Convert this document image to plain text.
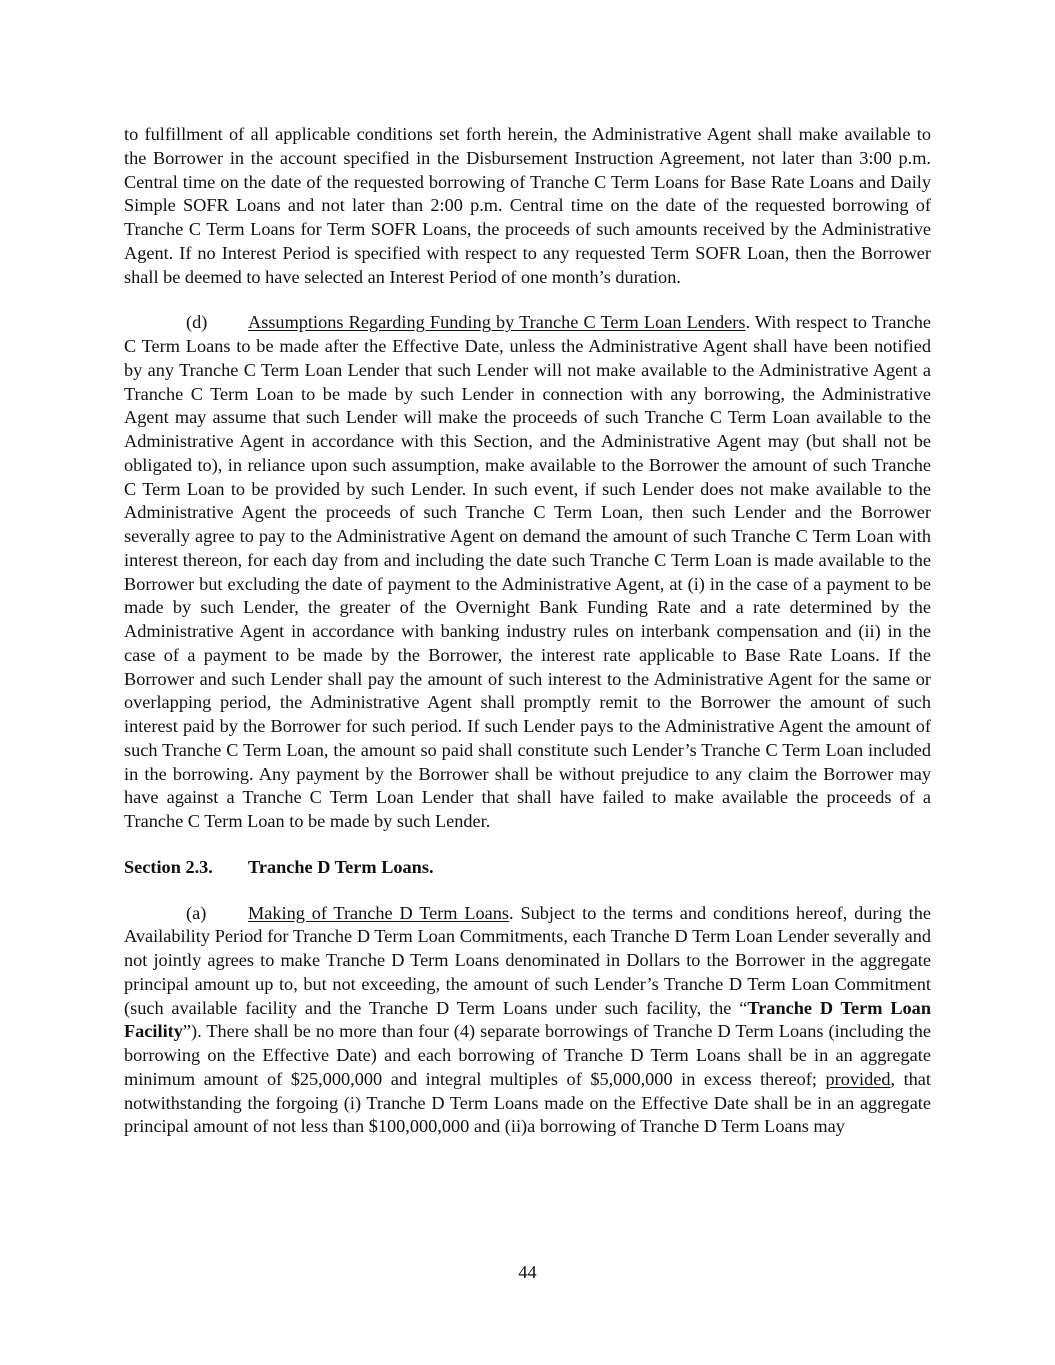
to fulfillment of all applicable conditions set forth herein, the Administrative Agent shall make available to the Borrower in the account specified in the Disbursement Instruction Agreement, not later than 3:00 p.m. Central time on the date of the requested borrowing of Tranche C Term Loans for Base Rate Loans and Daily Simple SOFR Loans and not later than 2:00 p.m. Central time on the date of the requested borrowing of Tranche C Term Loans for Term SOFR Loans, the proceeds of such amounts received by the Administrative Agent. If no Interest Period is specified with respect to any requested Term SOFR Loan, then the Borrower shall be deemed to have selected an Interest Period of one month’s duration.

(d) Assumptions Regarding Funding by Tranche C Term Loan Lenders. With respect to Tranche C Term Loans to be made after the Effective Date, unless the Administrative Agent shall have been notified by any Tranche C Term Loan Lender that such Lender will not make available to the Administrative Agent a Tranche C Term Loan to be made by such Lender in connection with any borrowing, the Administrative Agent may assume that such Lender will make the proceeds of such Tranche C Term Loan available to the Administrative Agent in accordance with this Section, and the Administrative Agent may (but shall not be obligated to), in reliance upon such assumption, make available to the Borrower the amount of such Tranche C Term Loan to be provided by such Lender. In such event, if such Lender does not make available to the Administrative Agent the proceeds of such Tranche C Term Loan, then such Lender and the Borrower severally agree to pay to the Administrative Agent on demand the amount of such Tranche C Term Loan with interest thereon, for each day from and including the date such Tranche C Term Loan is made available to the Borrower but excluding the date of payment to the Administrative Agent, at (i) in the case of a payment to be made by such Lender, the greater of the Overnight Bank Funding Rate and a rate determined by the Administrative Agent in accordance with banking industry rules on interbank compensation and (ii) in the case of a payment to be made by the Borrower, the interest rate applicable to Base Rate Loans. If the Borrower and such Lender shall pay the amount of such interest to the Administrative Agent for the same or overlapping period, the Administrative Agent shall promptly remit to the Borrower the amount of such interest paid by the Borrower for such period. If such Lender pays to the Administrative Agent the amount of such Tranche C Term Loan, the amount so paid shall constitute such Lender’s Tranche C Term Loan included in the borrowing. Any payment by the Borrower shall be without prejudice to any claim the Borrower may have against a Tranche C Term Loan Lender that shall have failed to make available the proceeds of a Tranche C Term Loan to be made by such Lender.

Section 2.3. Tranche D Term Loans.

(a) Making of Tranche D Term Loans. Subject to the terms and conditions hereof, during the Availability Period for Tranche D Term Loan Commitments, each Tranche D Term Loan Lender severally and not jointly agrees to make Tranche D Term Loans denominated in Dollars to the Borrower in the aggregate principal amount up to, but not exceeding, the amount of such Lender’s Tranche D Term Loan Commitment (such available facility and the Tranche D Term Loans under such facility, the “Tranche D Term Loan Facility”). There shall be no more than four (4) separate borrowings of Tranche D Term Loans (including the borrowing on the Effective Date) and each borrowing of Tranche D Term Loans shall be in an aggregate minimum amount of $25,000,000 and integral multiples of $5,000,000 in excess thereof; provided, that notwithstanding the forgoing (i) Tranche D Term Loans made on the Effective Date shall be in an aggregate principal amount of not less than $100,000,000 and (ii)a borrowing of Tranche D Term Loans may

44
